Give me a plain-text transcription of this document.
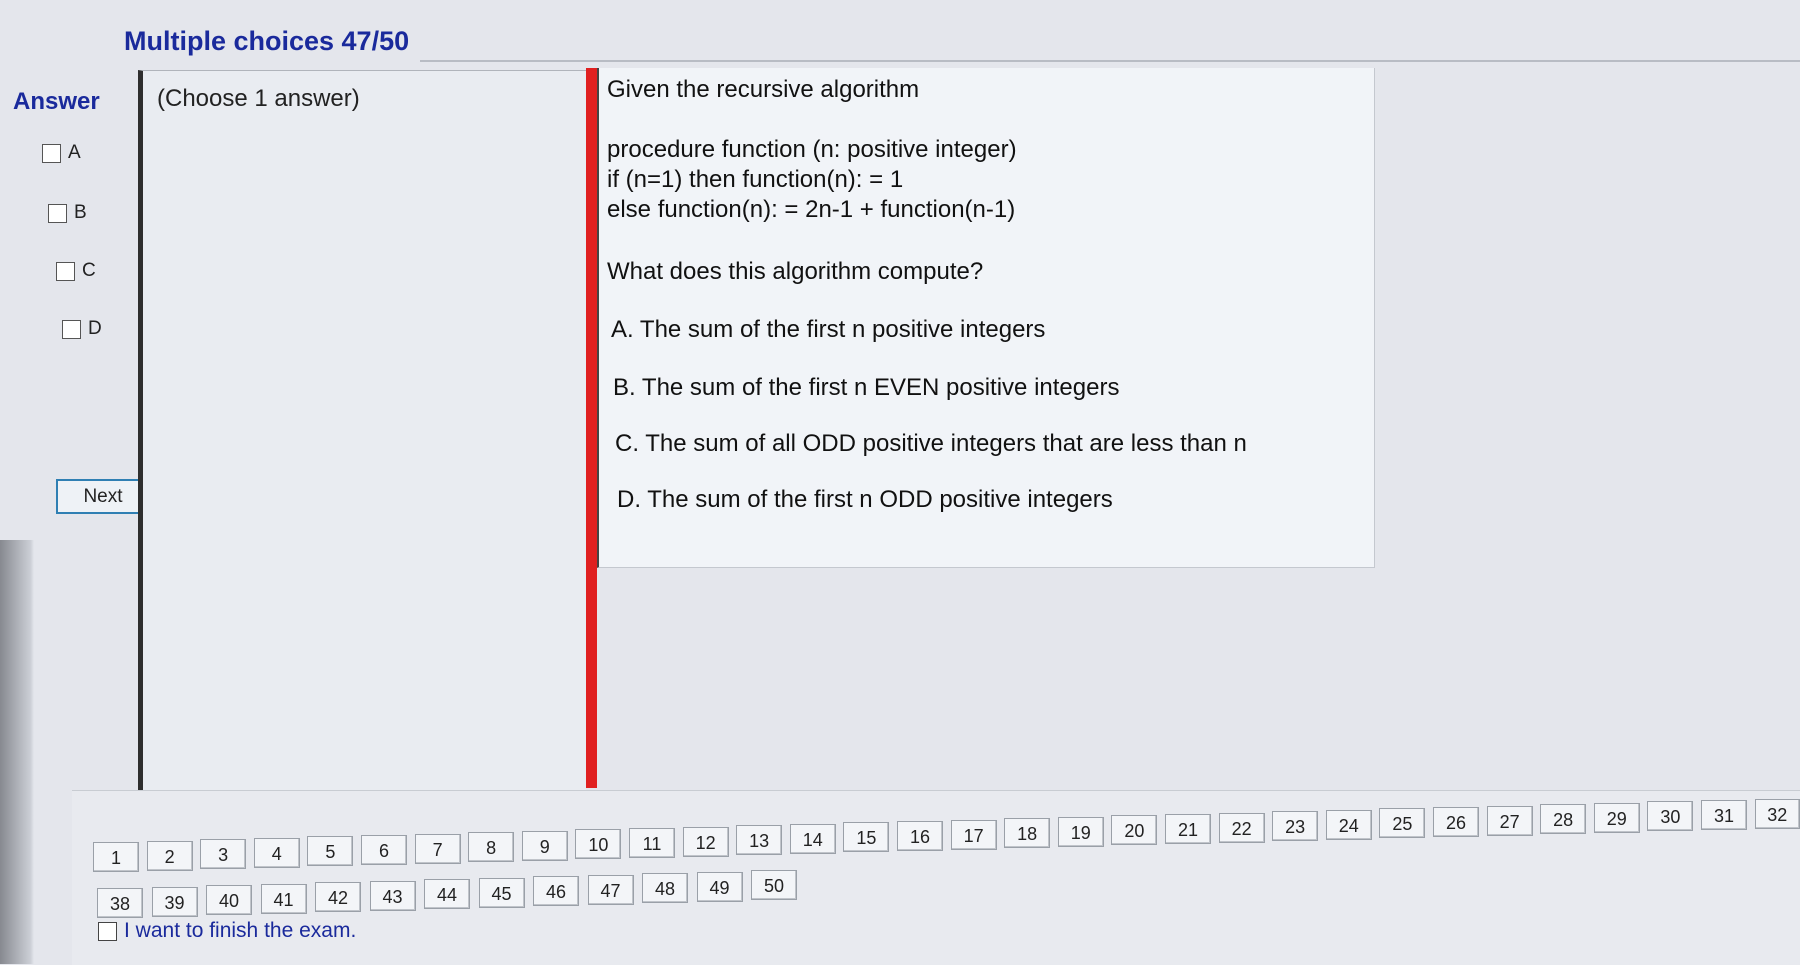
Multiple choices 47/50
Answer
A
B
C
D
Next
(Choose 1 answer)	Given the recursive algorithm
procedure function (n: positive integer)
if (n=1) then function(n): = 1
else function(n): = 2n-1 + function(n-1)
What does this algorithm compute?
A. The sum of the first n positive integers
B. The sum of the first n EVEN positive integers
C. The sum of all ODD positive integers that are less than n
D. The sum of the first n ODD positive integers
1	2	3	4	5	6	7	8	9	10	11	12	13	14	15	16	17	18	19	20	21	22	23	24	25	26	27	28	29	30	31	32
38	39	40	41	42	43	44	45	46	47	48	49	50
I want to finish the exam.
